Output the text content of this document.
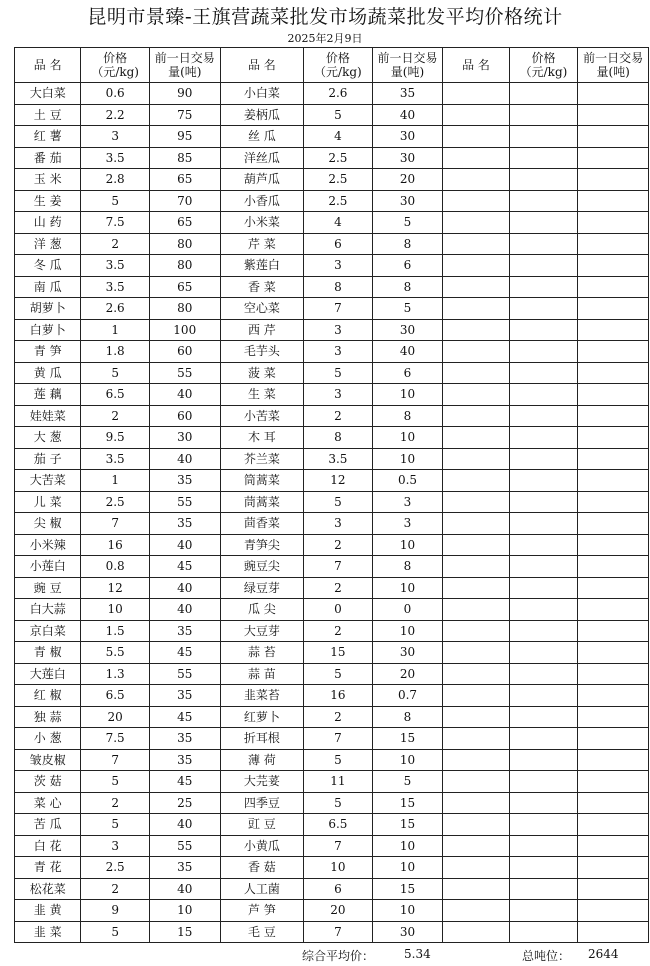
昆明市景臻-王旗营蔬菜批发市场蔬菜批发平均价格统计
2025年2月9日
品 名	价格（元/kg)	前一日交易量(吨)	品 名	价格（元/kg)	前一日交易量(吨)	品 名	价格（元/kg)	前一日交易量(吨)
大白菜	0.6	90	小白菜	2.6	35			
土 豆	2.2	75	姜柄瓜	5	40			
红 薯	3	95	丝 瓜	4	30			
番 茄	3.5	85	洋丝瓜	2.5	30			
玉 米	2.8	65	葫芦瓜	2.5	20			
生 姜	5	70	小香瓜	2.5	30			
山 药	7.5	65	小米菜	4	5			
洋 葱	2	80	芹 菜	6	8			
冬 瓜	3.5	80	紫莲白	3	6			
南 瓜	3.5	65	香 菜	8	8			
胡萝卜	2.6	80	空心菜	7	5			
白萝卜	1	100	西 芹	3	30			
青 笋	1.8	60	毛芋头	3	40			
黄 瓜	5	55	菠 菜	5	6			
莲 藕	6.5	40	生 菜	3	10			
娃娃菜	2	60	小苦菜	2	8			
大 葱	9.5	30	木 耳	8	10			
茄 子	3.5	40	芥兰菜	3.5	10			
大苦菜	1	35	筒蒿菜	12	0.5			
儿 菜	2.5	55	茼蒿菜	5	3			
尖 椒	7	35	茴香菜	3	3			
小米辣	16	40	青笋尖	2	10			
小莲白	0.8	45	豌豆尖	7	8			
豌 豆	12	40	绿豆芽	2	10			
白大蒜	10	40	瓜 尖	0	0			
京白菜	1.5	35	大豆芽	2	10			
青 椒	5.5	45	蒜 苔	15	30			
大莲白	1.3	55	蒜 苗	5	20			
红 椒	6.5	35	韭菜苔	16	0.7			
独 蒜	20	45	红萝卜	2	8			
小 葱	7.5	35	折耳根	7	15			
皱皮椒	7	35	薄 荷	5	10			
茨 菇	5	45	大芫荽	11	5			
菜 心	2	25	四季豆	5	15			
苦 瓜	5	40	豇 豆	6.5	15			
白 花	3	55	小黄瓜	7	10			
青 花	2.5	35	香 菇	10	10			
松花菜	2	40	人工菌	6	15			
韭 黄	9	10	芦 笋	20	10			
韭 菜	5	15	毛 豆	7	30			
综合平均价： 5.34	总吨位： 2644
